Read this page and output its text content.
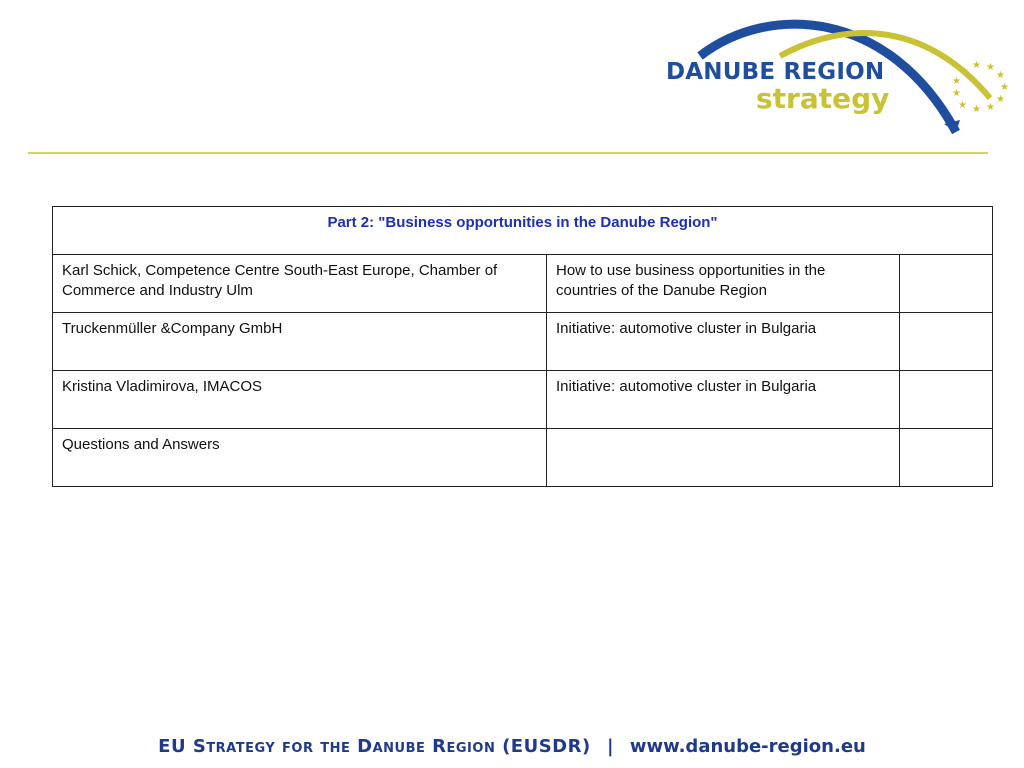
★
★ ★
★
★
★
★
★
★
★
★
DANUBE REGION
strategy
Part 2: "Business opportunities in the Danube Region"		
Karl Schick, Competence Centre South-East Europe, Chamber of Commerce and Industry Ulm	How to use business opportunities in the countries of the Danube Region	
Truckenmüller &Company GmbH	Initiative: automotive cluster in Bulgaria	
Kristina Vladimirova, IMACOS	Initiative: automotive cluster in Bulgaria	
Questions and Answers		
EU Strategy for the Danube Region (EUSDR) | www.danube-region.eu
